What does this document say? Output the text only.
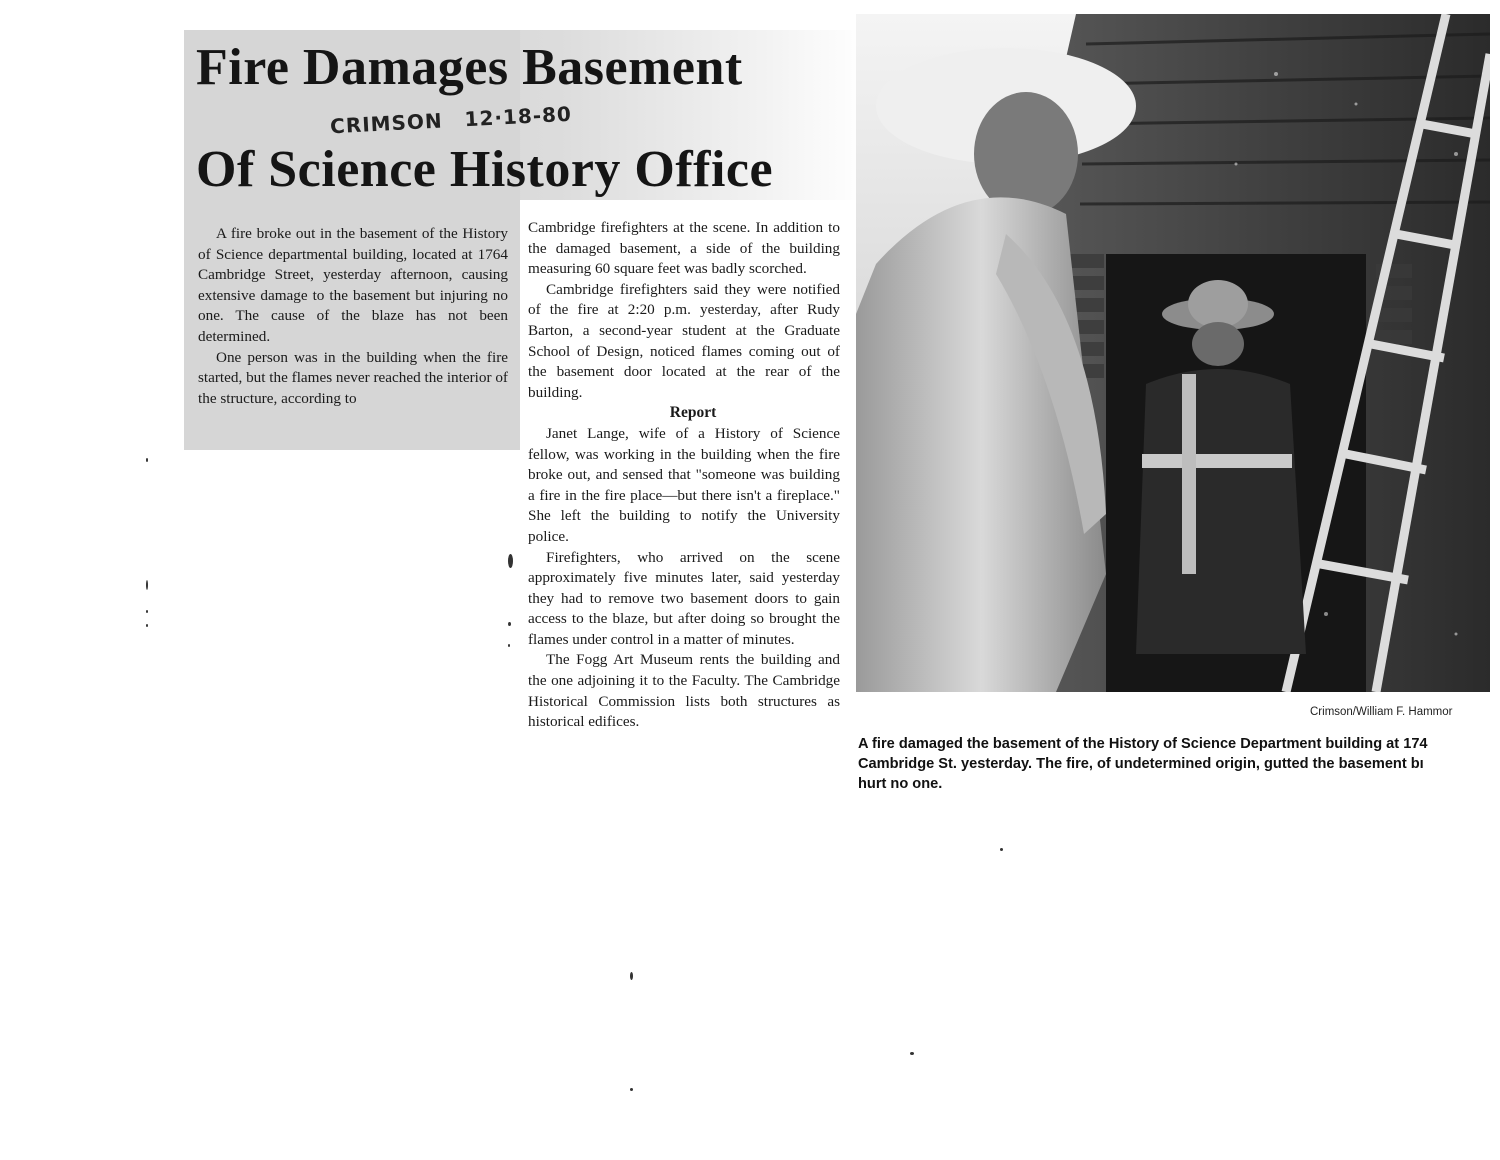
Fire Damages Basement
Of Science History Office
CRIMSON 12·18-80

A fire broke out in the basement of the History of Science departmental building, located at 1764 Cambridge Street, yesterday afternoon, causing extensive damage to the basement but injuring no one. The cause of the blaze has not been determined.

One person was in the building when the fire started, but the flames never reached the interior of the structure, according to

Cambridge firefighters at the scene. In addition to the damaged basement, a side of the building measuring 60 square feet was badly scorched.

Cambridge firefighters said they were notified of the fire at 2:20 p.m. yesterday, after Rudy Barton, a second-year student at the Graduate School of Design, noticed flames coming out of the basement door located at the rear of the building.

Report

Janet Lange, wife of a History of Science fellow, was working in the building when the fire broke out, and sensed that "someone was building a fire in the fire place—but there isn't a fireplace." She left the building to notify the University police.

Firefighters, who arrived on the scene approximately five minutes later, said yesterday they had to remove two basement doors to gain access to the blaze, but after doing so brought the flames under control in a matter of minutes.

The Fogg Art Museum rents the building and the one adjoining it to the Faculty. The Cambridge Historical Commission lists both structures as historical edifices.

Crimson/William F. Hammor
A fire damaged the basement of the History of Science Department building at 174
Cambridge St. yesterday. The fire, of undetermined origin, gutted the basement bı
hurt no one.
